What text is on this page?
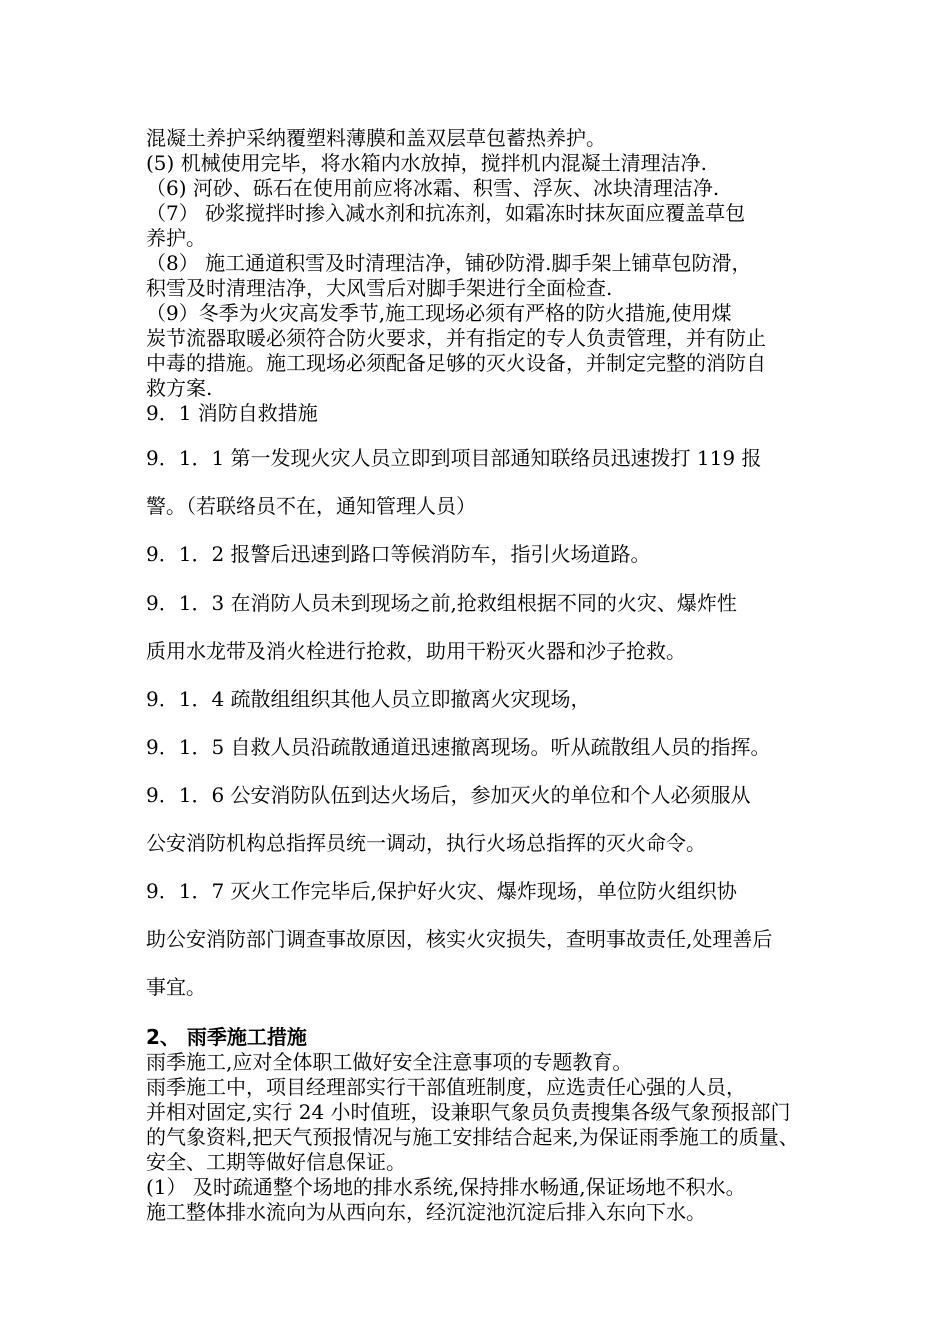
混凝土养护采纳覆塑料薄膜和盖双层草包蓄热养护。
(5) 机械使用完毕，将水箱内水放掉，搅拌机内混凝土清理洁净.
（6) 河砂、砾石在使用前应将冰霜、积雪、浮灰、冰块清理洁净.
（7） 砂浆搅拌时掺入减水剂和抗冻剂，如霜冻时抹灰面应覆盖草包
养护。
（8） 施工通道积雪及时清理洁净，铺砂防滑.脚手架上铺草包防滑，
积雪及时清理洁净，大风雪后对脚手架进行全面检查.
（9）冬季为火灾高发季节,施工现场必须有严格的防火措施,使用煤
炭节流器取暖必须符合防火要求，并有指定的专人负责管理，并有防止
中毒的措施。施工现场必须配备足够的灭火设备，并制定完整的消防自
救方案.
9．1 消防自救措施
9．1．1 第一发现火灾人员立即到项目部通知联络员迅速拨打 119 报
警。（若联络员不在，通知管理人员）
9．1．2 报警后迅速到路口等候消防车，指引火场道路。
9．1．3 在消防人员未到现场之前,抢救组根据不同的火灾、爆炸性
质用水龙带及消火栓进行抢救，助用干粉灭火器和沙子抢救。
9．1．4 疏散组组织其他人员立即撤离火灾现场，
9．1．5 自救人员沿疏散通道迅速撤离现场。听从疏散组人员的指挥。
9．1．6 公安消防队伍到达火场后，参加灭火的单位和个人必须服从
公安消防机构总指挥员统一调动，执行火场总指挥的灭火命令。
9．1．7 灭火工作完毕后,保护好火灾、爆炸现场，单位防火组织协
助公安消防部门调查事故原因，核实火灾损失，查明事故责任,处理善后
事宜。
2、 雨季施工措施
雨季施工,应对全体职工做好安全注意事项的专题教育。
雨季施工中，项目经理部实行干部值班制度，应选责任心强的人员，
并相对固定,实行 24 小时值班，设兼职气象员负责搜集各级气象预报部门
的气象资料,把天气预报情况与施工安排结合起来,为保证雨季施工的质量、
安全、工期等做好信息保证。
(1） 及时疏通整个场地的排水系统,保持排水畅通,保证场地不积水。
施工整体排水流向为从西向东，经沉淀池沉淀后排入东向下水。
